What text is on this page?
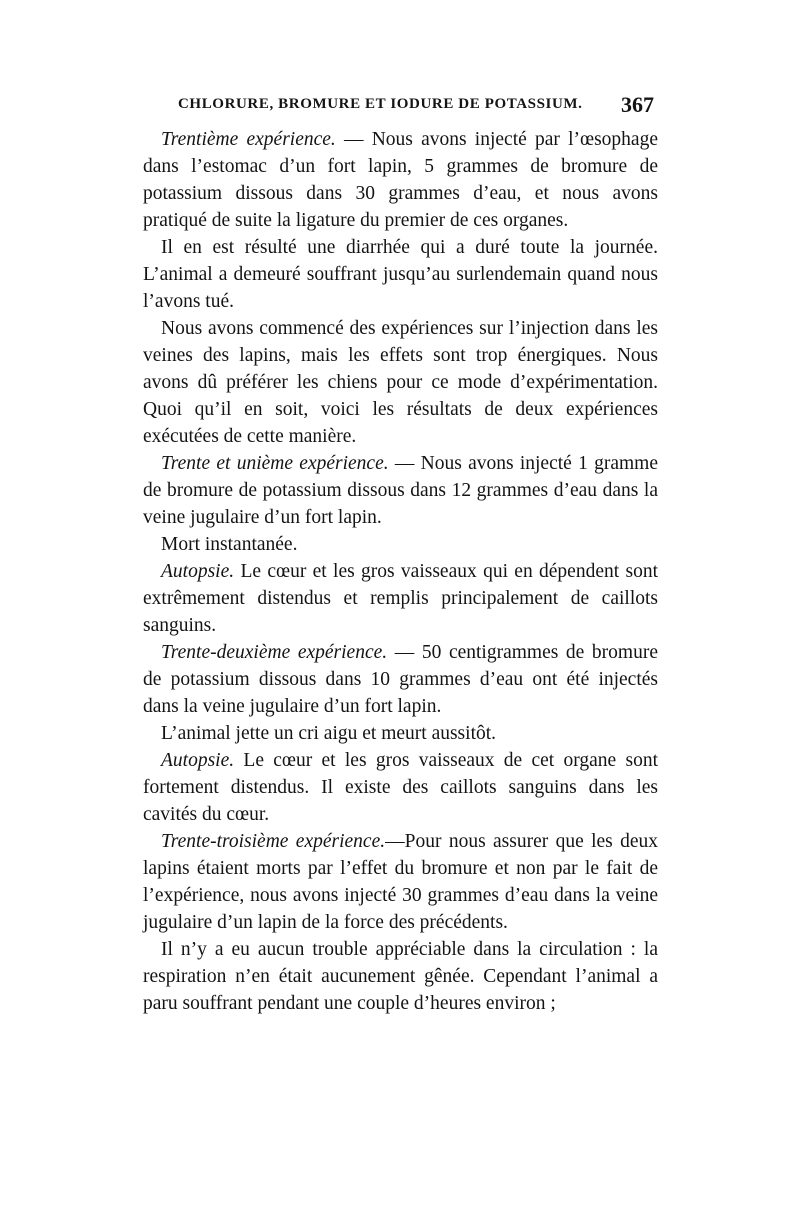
CHLORURE, BROMURE ET IODURE DE POTASSIUM. 367

Trentième expérience. — Nous avons injecté par l’œsophage dans l’estomac d’un fort lapin, 5 grammes de bromure de potassium dissous dans 30 grammes d’eau, et nous avons pratiqué de suite la ligature du premier de ces organes.

Il en est résulté une diarrhée qui a duré toute la journée. L’animal a demeuré souffrant jusqu’au surlendemain quand nous l’avons tué.

Nous avons commencé des expériences sur l’injection dans les veines des lapins, mais les effets sont trop énergiques. Nous avons dû préférer les chiens pour ce mode d’expérimentation. Quoi qu’il en soit, voici les résultats de deux expériences exécutées de cette manière.

Trente et unième expérience. — Nous avons injecté 1 gramme de bromure de potassium dissous dans 12 grammes d’eau dans la veine jugulaire d’un fort lapin.

Mort instantanée.

Autopsie. Le cœur et les gros vaisseaux qui en dépendent sont extrêmement distendus et remplis principalement de caillots sanguins.

Trente-deuxième expérience. — 50 centigrammes de bromure de potassium dissous dans 10 grammes d’eau ont été injectés dans la veine jugulaire d’un fort lapin.

L’animal jette un cri aigu et meurt aussitôt.

Autopsie. Le cœur et les gros vaisseaux de cet organe sont fortement distendus. Il existe des caillots sanguins dans les cavités du cœur.

Trente-troisième expérience.—Pour nous assurer que les deux lapins étaient morts par l’effet du bromure et non par le fait de l’expérience, nous avons injecté 30 grammes d’eau dans la veine jugulaire d’un lapin de la force des précédents.

Il n’y a eu aucun trouble appréciable dans la circulation : la respiration n’en était aucunement gênée. Cependant l’animal a paru souffrant pendant une couple d’heures environ ;
